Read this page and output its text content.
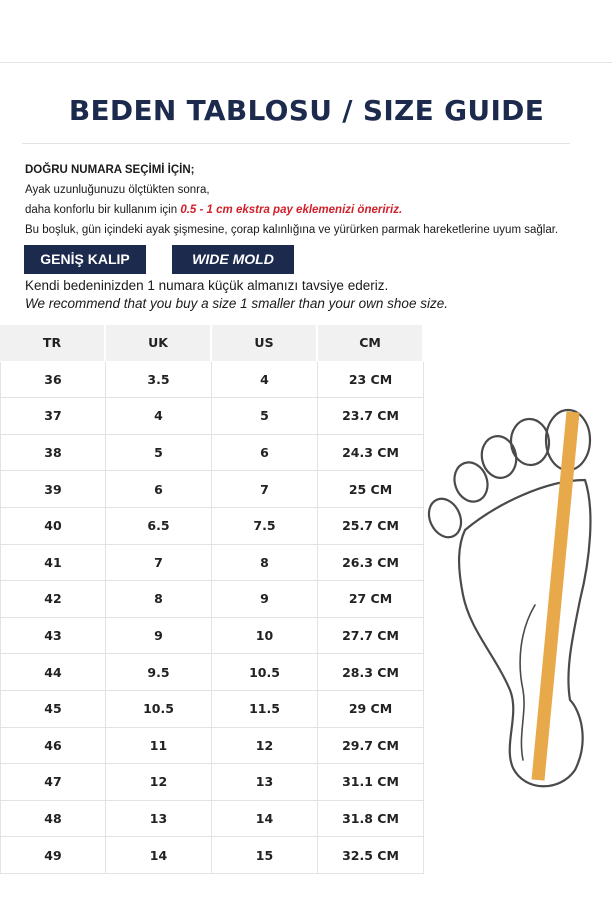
BEDEN TABLOSU / SIZE GUIDE
DOĞRU NUMARA SEÇİMİ İÇİN;
Ayak uzunluğunuzu ölçtükten sonra,
daha konforlu bir kullanım için 0.5 - 1 cm ekstra pay eklemenizi öneririz.
Bu boşluk, gün içindeki ayak şişmesine, çorap kalınlığına ve yürürken parmak hareketlerine uyum sağlar.
GENİŞ KALIP	WIDE MOLD
Kendi bedeninizden 1 numara küçük almanızı tavsiye ederiz.
We recommend that you buy a size 1 smaller than your own shoe size.
TR	UK	US	CM
36	3.5	4	23 CM
37	4	5	23.7 CM
38	5	6	24.3 CM
39	6	7	25 CM
40	6.5	7.5	25.7 CM
41	7	8	26.3 CM
42	8	9	27 CM
43	9	10	27.7 CM
44	9.5	10.5	28.3 CM
45	10.5	11.5	29 CM
46	11	12	29.7 CM
47	12	13	31.1 CM
48	13	14	31.8 CM
49	14	15	32.5 CM
